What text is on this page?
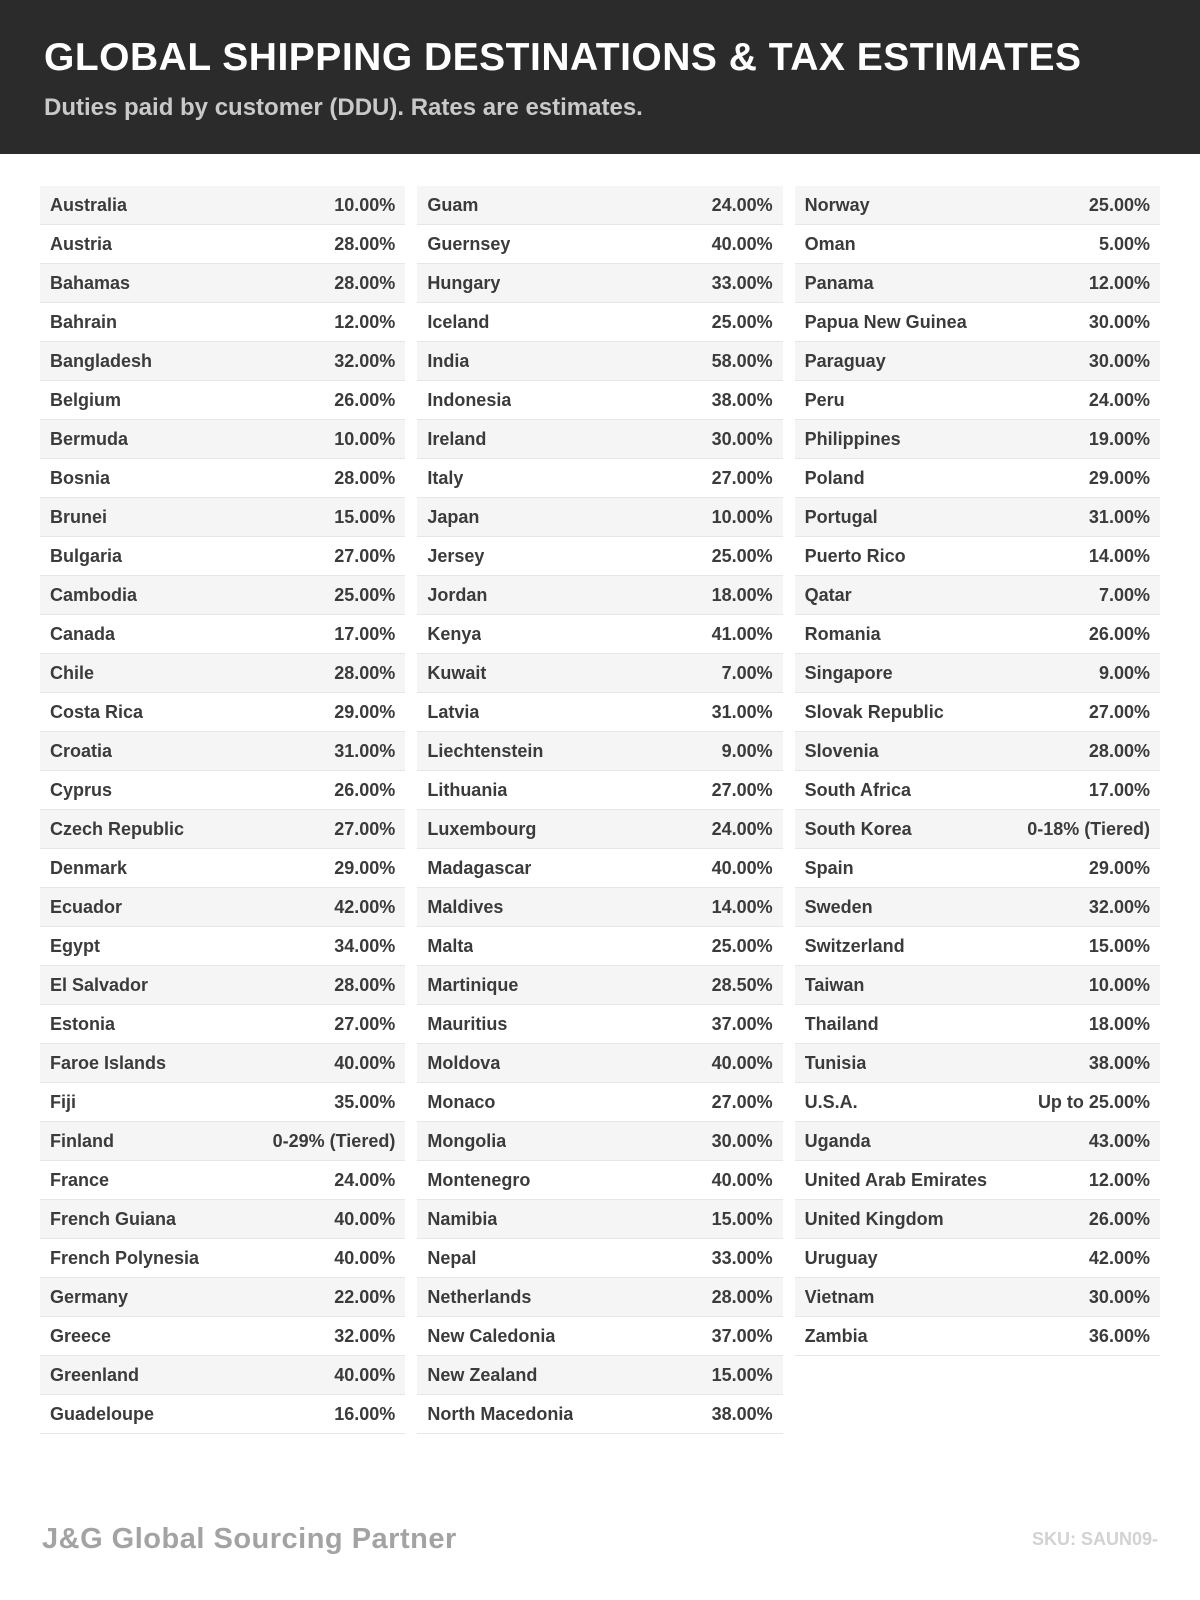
GLOBAL SHIPPING DESTINATIONS & TAX ESTIMATES
Duties paid by customer (DDU). Rates are estimates.
Australia	10.00%
Austria	28.00%
Bahamas	28.00%
Bahrain	12.00%
Bangladesh	32.00%
Belgium	26.00%
Bermuda	10.00%
Bosnia	28.00%
Brunei	15.00%
Bulgaria	27.00%
Cambodia	25.00%
Canada	17.00%
Chile	28.00%
Costa Rica	29.00%
Croatia	31.00%
Cyprus	26.00%
Czech Republic	27.00%
Denmark	29.00%
Ecuador	42.00%
Egypt	34.00%
El Salvador	28.00%
Estonia	27.00%
Faroe Islands	40.00%
Fiji	35.00%
Finland	0-29% (Tiered)
France	24.00%
French Guiana	40.00%
French Polynesia	40.00%
Germany	22.00%
Greece	32.00%
Greenland	40.00%
Guadeloupe	16.00%
Guam	24.00%
Guernsey	40.00%
Hungary	33.00%
Iceland	25.00%
India	58.00%
Indonesia	38.00%
Ireland	30.00%
Italy	27.00%
Japan	10.00%
Jersey	25.00%
Jordan	18.00%
Kenya	41.00%
Kuwait	7.00%
Latvia	31.00%
Liechtenstein	9.00%
Lithuania	27.00%
Luxembourg	24.00%
Madagascar	40.00%
Maldives	14.00%
Malta	25.00%
Martinique	28.50%
Mauritius	37.00%
Moldova	40.00%
Monaco	27.00%
Mongolia	30.00%
Montenegro	40.00%
Namibia	15.00%
Nepal	33.00%
Netherlands	28.00%
New Caledonia	37.00%
New Zealand	15.00%
North Macedonia	38.00%
Norway	25.00%
Oman	5.00%
Panama	12.00%
Papua New Guinea	30.00%
Paraguay	30.00%
Peru	24.00%
Philippines	19.00%
Poland	29.00%
Portugal	31.00%
Puerto Rico	14.00%
Qatar	7.00%
Romania	26.00%
Singapore	9.00%
Slovak Republic	27.00%
Slovenia	28.00%
South Africa	17.00%
South Korea	0-18% (Tiered)
Spain	29.00%
Sweden	32.00%
Switzerland	15.00%
Taiwan	10.00%
Thailand	18.00%
Tunisia	38.00%
U.S.A.	Up to 25.00%
Uganda	43.00%
United Arab Emirates	12.00%
United Kingdom	26.00%
Uruguay	42.00%
Vietnam	30.00%
Zambia	36.00%
J&G Global Sourcing Partner	SKU: SAUN09-
